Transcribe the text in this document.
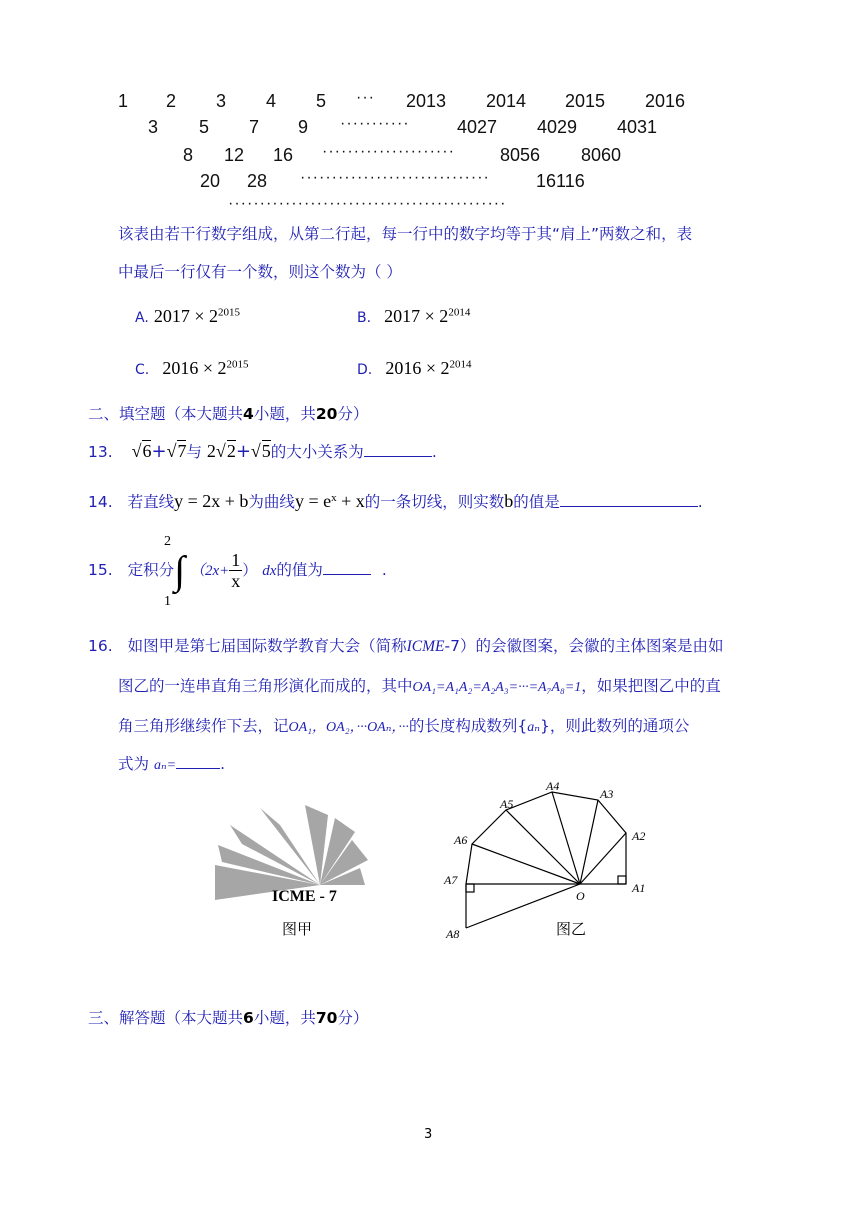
1 2 3 4 5 ··· 2013 2014 2015 2016
3 5 7 9 ···········	4027 4029 4031
8 12 16 ·····················	8056 8060
20 28 ······························	16116
············································
该表由若干行数字组成，从第二行起，每一行中的数字均等于其“肩上”两数之和，表
中最后一行仅有一个数，则这个数为（ ）
A. $2017 \times 2^{2015}$	B. $2017 \times 2^{2014}$
C. $2016 \times 2^{2015}$	D. $2016 \times 2^{2014}$
二、填空题（本大题共4小题，共20分）
13. √6+√7与 2√2+√5的大小关系为	.
14. 若直线y = 2x + b为曲线$y = e^x + x$的一条切线，则实数b的值是	.
2
1
15. 定积分∫ （$2x+ \frac{1}{x}$ ） dx的值为	.
16. 如图甲是第七届国际数学教育大会（简称ICME-7）的会徽图案，会徽的主体图案是由如
图乙的一连串直角三角形演化而成的，其中OA₁=A₁A₂=A₂A₃=···=A₇A₈=1，如果把图乙中的直
角三角形继续作下去，记OA₁，OA₂，···OAₙ，···的长度构成数列{aₙ}，则此数列的通项公
式为 aₙ=	.
ICME - 7
图甲
A1
A2
A3
A4
A5
A6
A7
A8
O
图乙
三、解答题（本大题共6小题，共70分）
3
